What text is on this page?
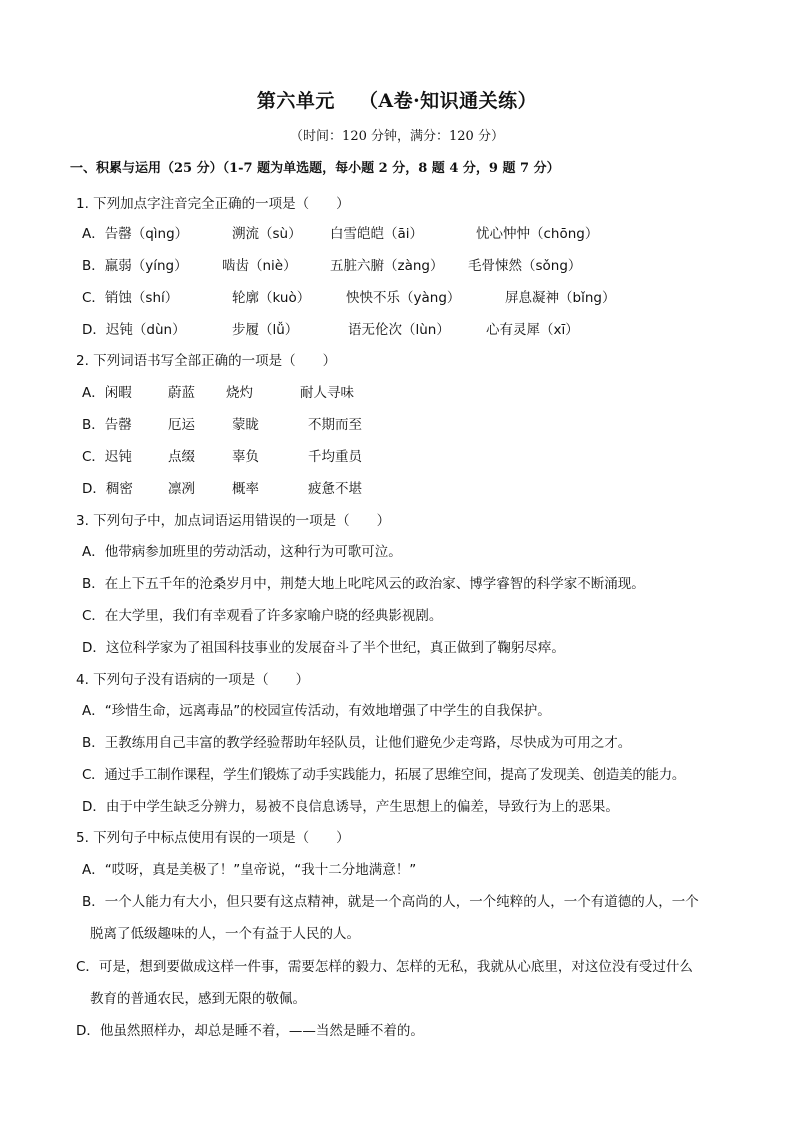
第六单元 （A卷·知识通关练）
（时间：120 分钟，满分：120 分）
一、积累与运用（25 分）（1-7 题为单选题，每小题 2 分，8 题 4 分，9 题 7 分）
1. 下列加点字注音完全正确的一项是（　　）
A．告罄（qìng）	溯流（sù） 白雪皑皑（āi）	忧心忡忡（chōng）
B．羸弱（yíng）	啮齿（niè） 五脏六腑（zàng） 毛骨悚然（sǒng）
C．销蚀（shí）	轮廓（kuò）	怏怏不乐（yàng）	屏息凝神（bǐng）
D．迟钝（dùn）	步履（lǚ）	语无伦次（lùn）	心有灵犀（xī）
2. 下列词语书写全部正确的一项是（　　）
A．闲暇	蔚蓝 烧灼	耐人寻味
B．告罄	厄运	蒙眬	不期而至
C．迟钝	点缀	辜负	千均重员
D．稠密	凛冽	概率	疲惫不堪
3. 下列句子中，加点词语运用错误的一项是（　　）
A．他带病参加班里的劳动活动，这种行为可歌可泣。
B．在上下五千年的沧桑岁月中，荆楚大地上叱咤风云的政治家、博学睿智的科学家不断涌现。
C．在大学里，我们有幸观看了许多家喻户晓的经典影视剧。
D．这位科学家为了祖国科技事业的发展奋斗了半个世纪，真正做到了鞠躬尽瘁。
4. 下列句子没有语病的一项是（　　）
A．“珍惜生命，远离毒品”的校园宣传活动，有效地增强了中学生的自我保护。
B．王教练用自己丰富的教学经验帮助年轻队员，让他们避免少走弯路，尽快成为可用之才。
C．通过手工制作课程，学生们锻炼了动手实践能力，拓展了思维空间，提高了发现美、创造美的能力。
D．由于中学生缺乏分辨力，易被不良信息诱导，产生思想上的偏差，导致行为上的恶果。
5. 下列句子中标点使用有误的一项是（　　）
A．“哎呀，真是美极了！”皇帝说，“我十二分地满意！”
B．一个人能力有大小，但只要有这点精神，就是一个高尚的人，一个纯粹的人，一个有道德的人，一个
脱离了低级趣味的人，一个有益于人民的人。
C．可是，想到要做成这样一件事，需要怎样的毅力、怎样的无私，我就从心底里，对这位没有受过什么
教育的普通农民，感到无限的敬佩。
D．他虽然照样办，却总是睡不着，——当然是睡不着的。
